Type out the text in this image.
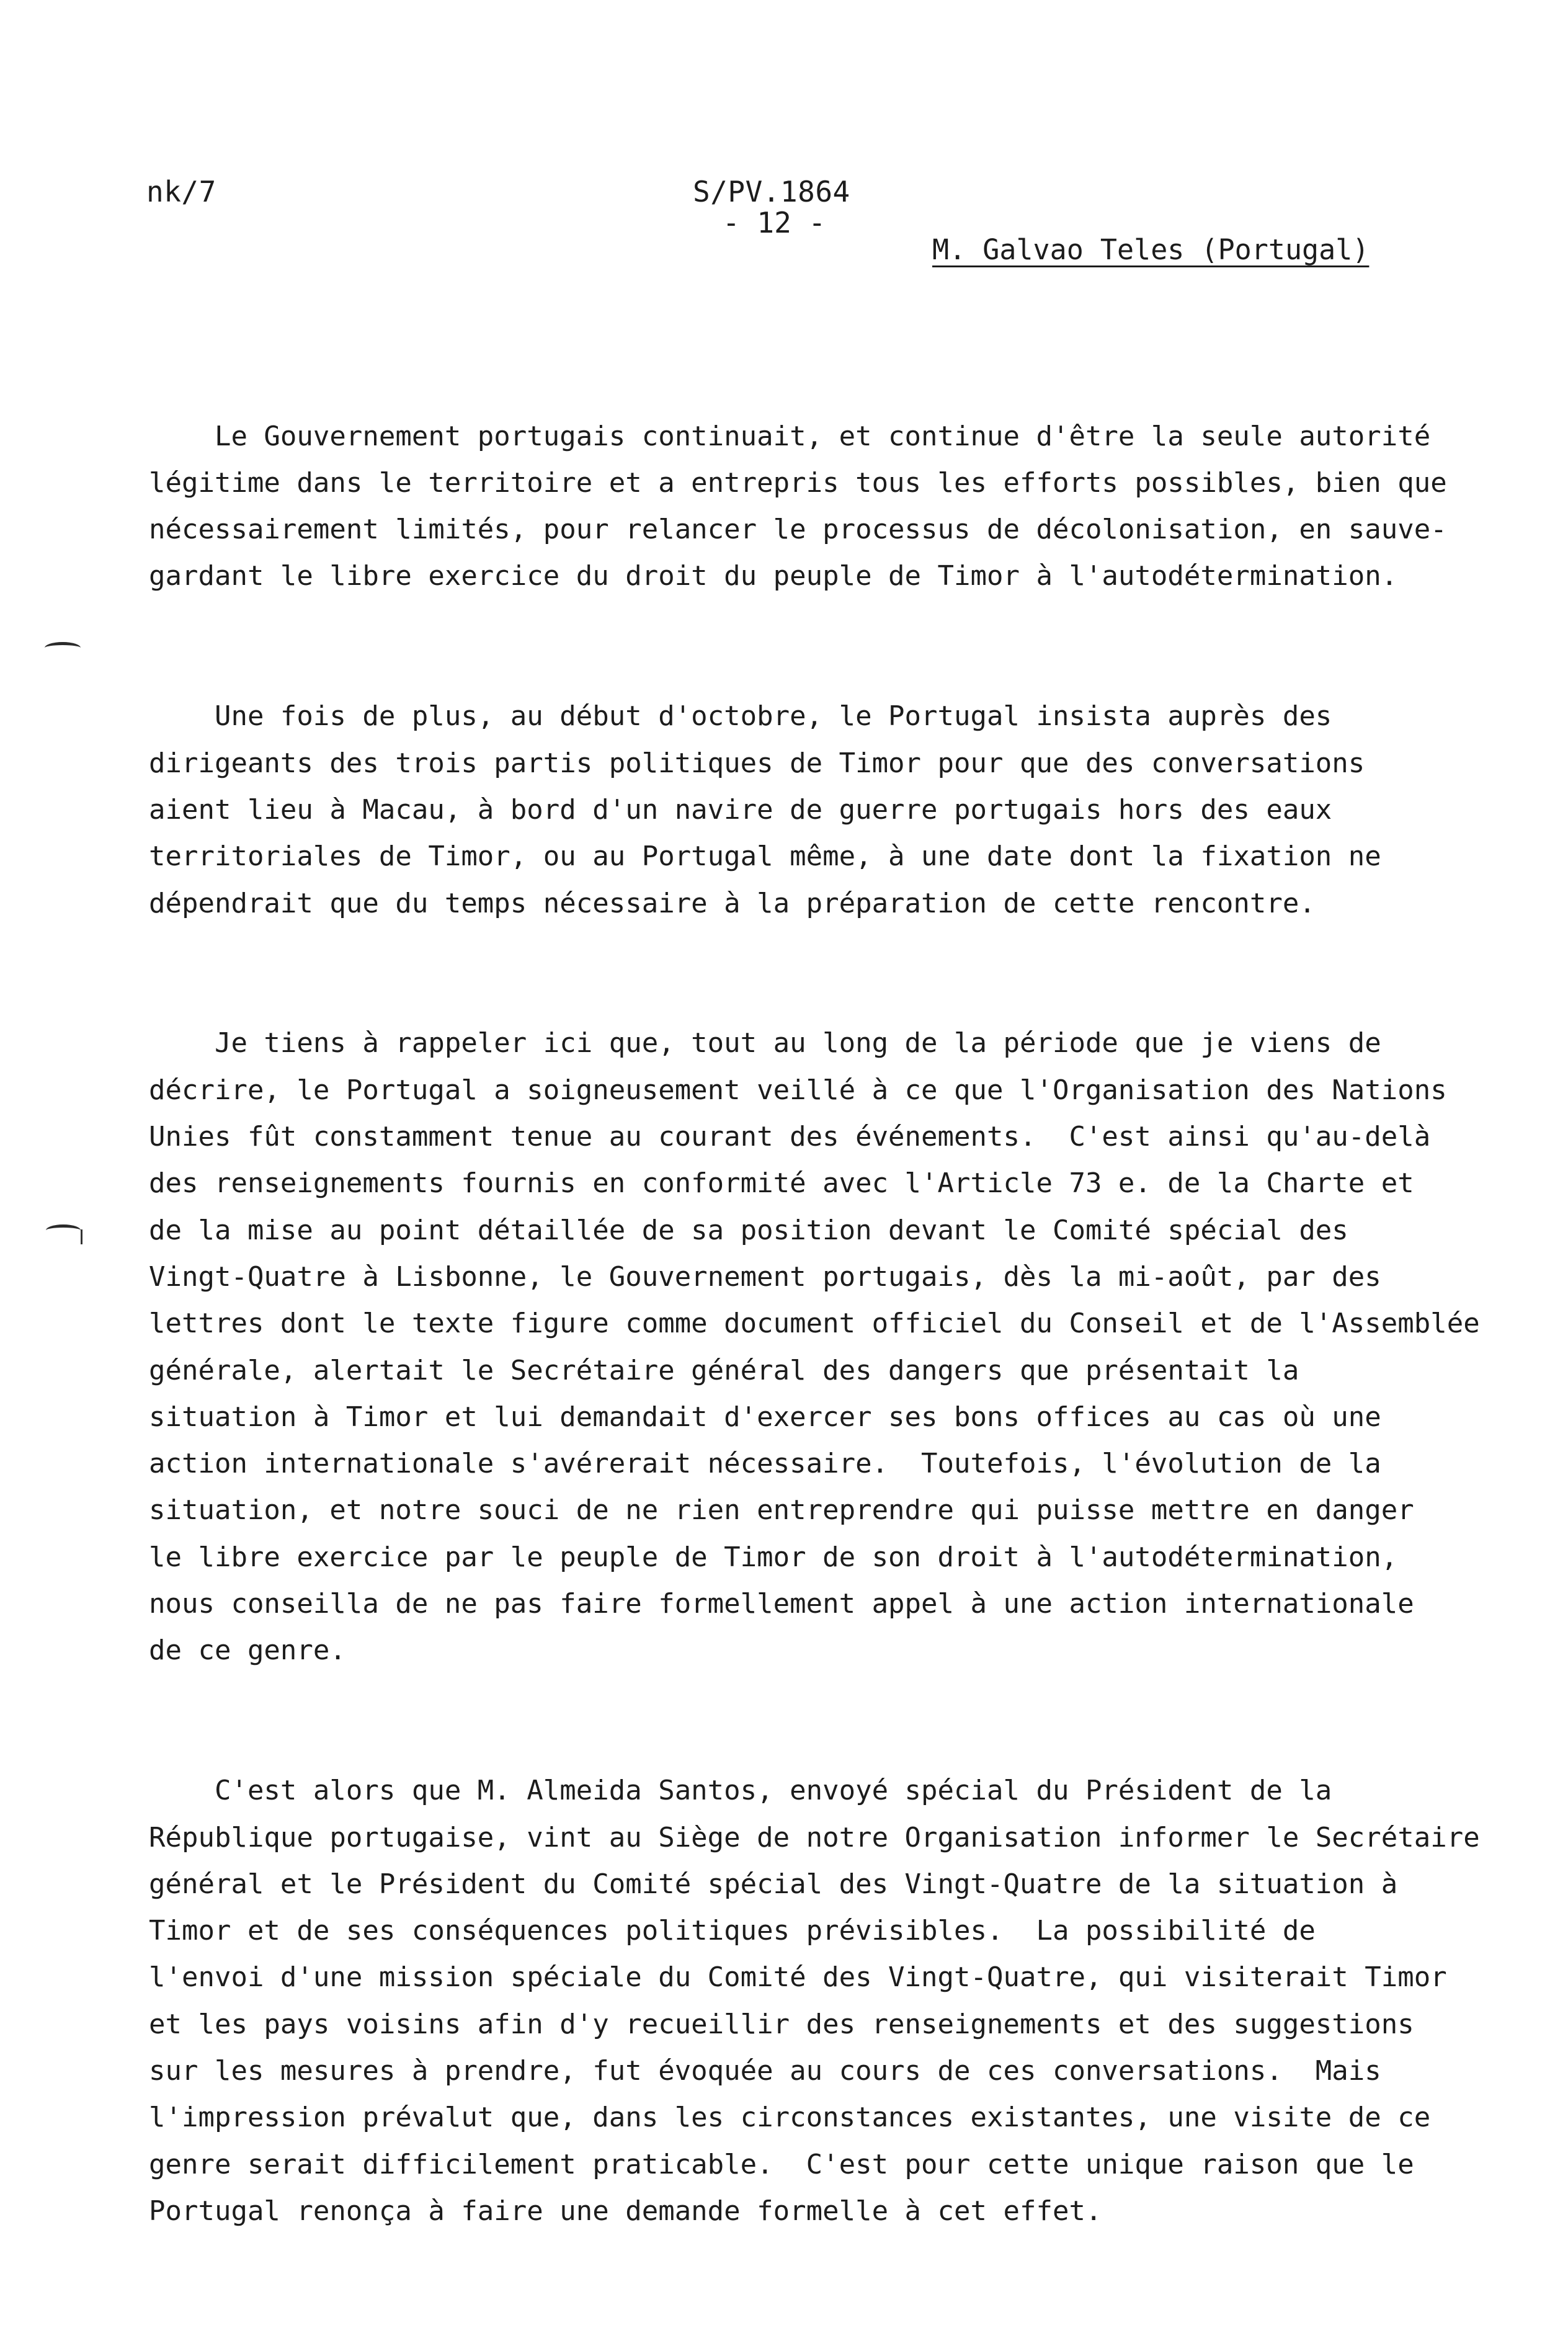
nk/7	S/PV.1864
- 12 -
M. Galvao Teles (Portugal)

Le Gouvernement portugais continuait, et continue d'être la seule autorité
légitime dans le territoire et a entrepris tous les efforts possibles, bien que
nécessairement limités, pour relancer le processus de décolonisation, en sauve-
gardant le libre exercice du droit du peuple de Timor à l'autodétermination.

Une fois de plus, au début d'octobre, le Portugal insista auprès des
dirigeants des trois partis politiques de Timor pour que des conversations
aient lieu à Macau, à bord d'un navire de guerre portugais hors des eaux
territoriales de Timor, ou au Portugal même, à une date dont la fixation ne
dépendrait que du temps nécessaire à la préparation de cette rencontre.

Je tiens à rappeler ici que, tout au long de la période que je viens de
décrire, le Portugal a soigneusement veillé à ce que l'Organisation des Nations
Unies fût constamment tenue au courant des événements.  C'est ainsi qu'au-delà
des renseignements fournis en conformité avec l'Article 73 e. de la Charte et
de la mise au point détaillée de sa position devant le Comité spécial des
Vingt-Quatre à Lisbonne, le Gouvernement portugais, dès la mi-août, par des
lettres dont le texte figure comme document officiel du Conseil et de l'Assemblée
générale, alertait le Secrétaire général des dangers que présentait la
situation à Timor et lui demandait d'exercer ses bons offices au cas où une
action internationale s'avérerait nécessaire.  Toutefois, l'évolution de la
situation, et notre souci de ne rien entreprendre qui puisse mettre en danger
le libre exercice par le peuple de Timor de son droit à l'autodétermination,
nous conseilla de ne pas faire formellement appel à une action internationale
de ce genre.

C'est alors que M. Almeida Santos, envoyé spécial du Président de la
République portugaise, vint au Siège de notre Organisation informer le Secrétaire
général et le Président du Comité spécial des Vingt-Quatre de la situation à
Timor et de ses conséquences politiques prévisibles.  La possibilité de
l'envoi d'une mission spéciale du Comité des Vingt-Quatre, qui visiterait Timor
et les pays voisins afin d'y recueillir des renseignements et des suggestions
sur les mesures à prendre, fut évoquée au cours de ces conversations.  Mais
l'impression prévalut que, dans les circonstances existantes, une visite de ce
genre serait difficilement praticable.  C'est pour cette unique raison que le
Portugal renonça à faire une demande formelle à cet effet.
